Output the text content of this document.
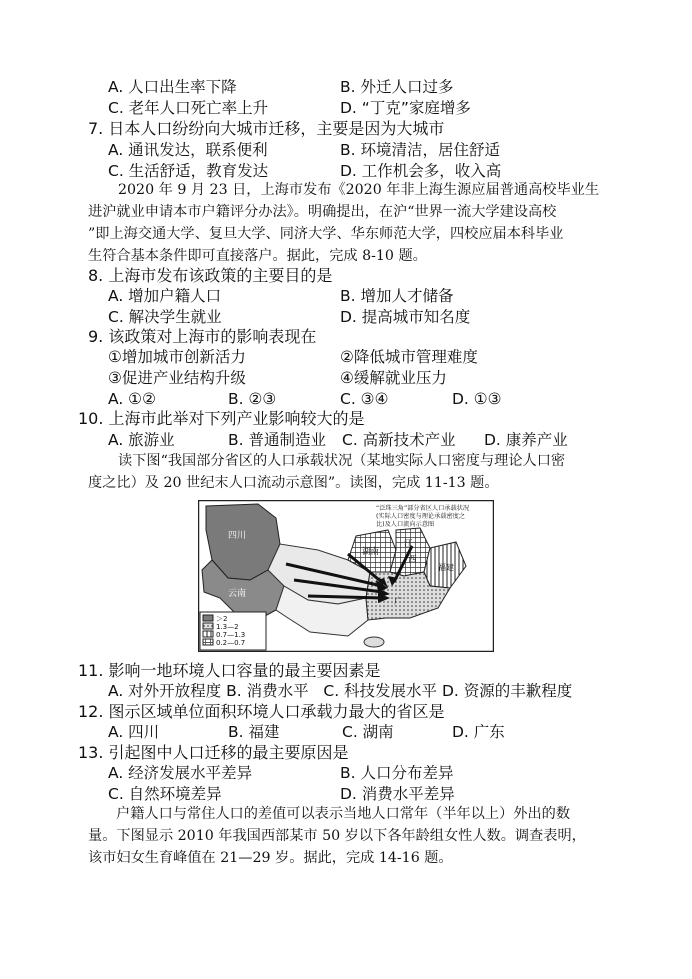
A. 人口出生率下降	B. 外迁人口过多
C. 老年人口死亡率上升	D. “丁克”家庭增多
7. 日本人口纷纷向大城市迁移，主要是因为大城市
A. 通讯发达，联系便利	B. 环境清洁，居住舒适
C. 生活舒适，教育发达	D. 工作机会多，收入高
2020 年 9 月 23 日，上海市发布《2020 年非上海生源应届普通高校毕业生
进沪就业申请本市户籍评分办法》。明确提出，在沪“世界一流大学建设高校
”即上海交通大学、复旦大学、同济大学、华东师范大学，四校应届本科毕业
生符合基本条件即可直接落户。据此，完成 8-10 题。
8. 上海市发布该政策的主要目的是
A. 增加户籍人口	B. 增加人才储备
C. 解决学生就业	D. 提高城市知名度
9. 该政策对上海市的影响表现在
①增加城市创新活力	②降低城市管理难度
③促进产业结构升级	④缓解就业压力
A. ①②	B. ②③	C. ③④	D. ①③
10. 上海市此举对下列产业影响较大的是
A. 旅游业	B. 普通制造业 C. 高新技术产业 D. 康养产业
读下图“我国部分省区的人口承载状况（某地实际人口密度与理论人口密
度之比）及 20 世纪末人口流动示意图”。读图，完成 11-13 题。
四川
云南
湖南
江
西
福建
广
“泛珠三角”部分省区人口承载状况
(实际人口密度与理论承载密度之
比)及人口流向示意图
＞2
1.3—2
0.7—1.3
0.2—0.7
11. 影响一地环境人口容量的最主要因素是
A. 对外开放程度 B. 消费水平   C. 科技发展水平 D. 资源的丰歉程度
12. 图示区域单位面积环境人口承载力最大的省区是
A. 四川	B. 福建	C. 湖南	D. 广东
13. 引起图中人口迁移的最主要原因是
A. 经济发展水平差异	B. 人口分布差异
C. 自然环境差异	D. 消费水平差异
户籍人口与常住人口的差值可以表示当地人口常年（半年以上）外出的数
量。下图显示 2010 年我国西部某市 50 岁以下各年龄组女性人数。调查表明，
该市妇女生育峰值在 21—29 岁。据此，完成 14-16 题。
